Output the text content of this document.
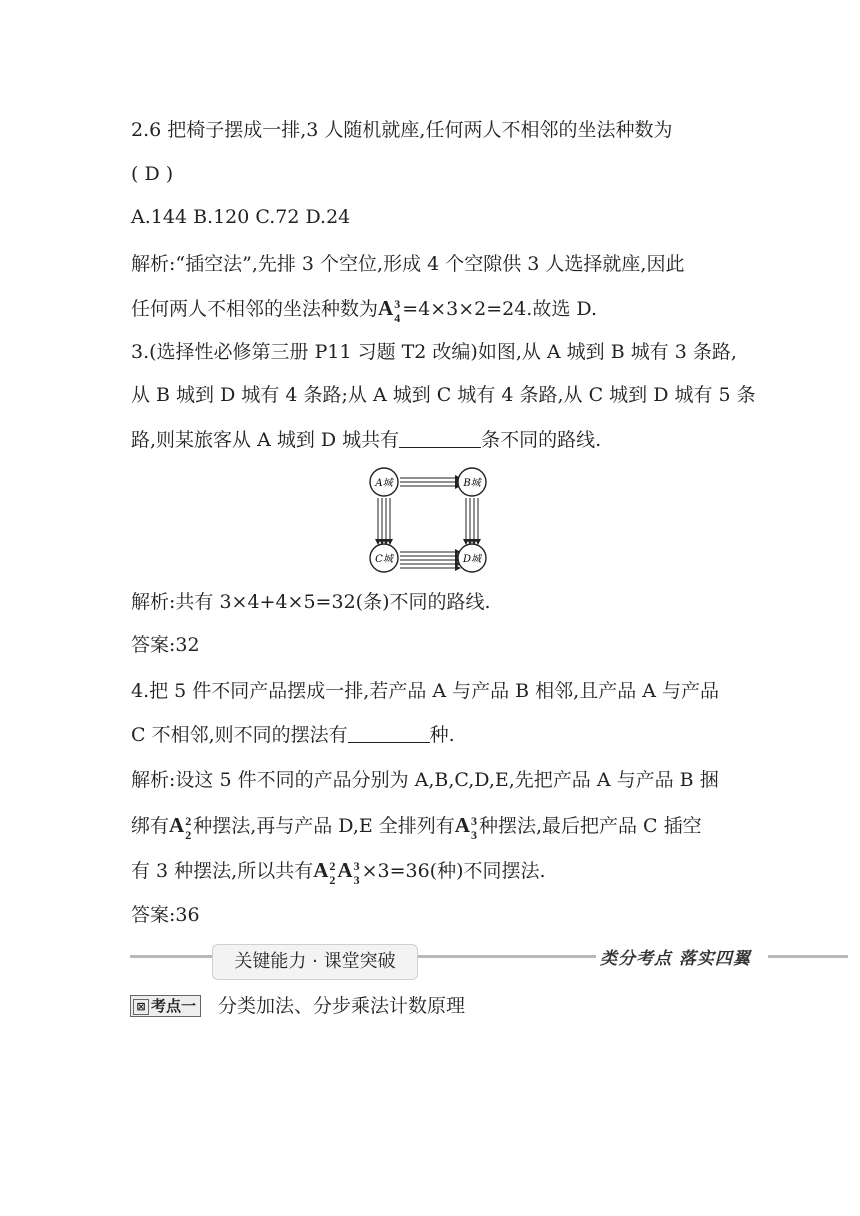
2.6 把椅子摆成一排,3 人随机就座,任何两人不相邻的坐法种数为
( D )
A.144 B.120 C.72 D.24
解析:“插空法”,先排 3 个空位,形成 4 个空隙供 3 人选择就座,因此
任何两人不相邻的坐法种数为A 3
4 =4×3×2=24.故选 D.
3.(选择性必修第三册 P11 习题 T2 改编)如图,从 A 城到 B 城有 3 条路,
从 B 城到 D 城有 4 条路;从 A 城到 C 城有 4 条路,从 C 城到 D 城有 5 条
路,则某旅客从 A 城到 D 城共有	条不同的路线.
A城	B城
C城	D城
解析:共有 3×4+4×5=32(条)不同的路线.
答案:32
4.把 5 件不同产品摆成一排,若产品 A 与产品 B 相邻,且产品 A 与产品
C 不相邻,则不同的摆法有	种.
解析:设这 5 件不同的产品分别为 A,B,C,D,E,先把产品 A 与产品 B 捆
绑有A 2
2 种摆法,再与产品 D,E 全排列有A 3
3 种摆法,最后把产品 C 插空
有 3 种摆法,所以共有A 2
2 A 3
3 ×3=36(种)不同摆法.
答案:36
关键能力 · 课堂突破	类分考点 落实四翼
⊠ 考点一 分类加法、分步乘法计数原理
